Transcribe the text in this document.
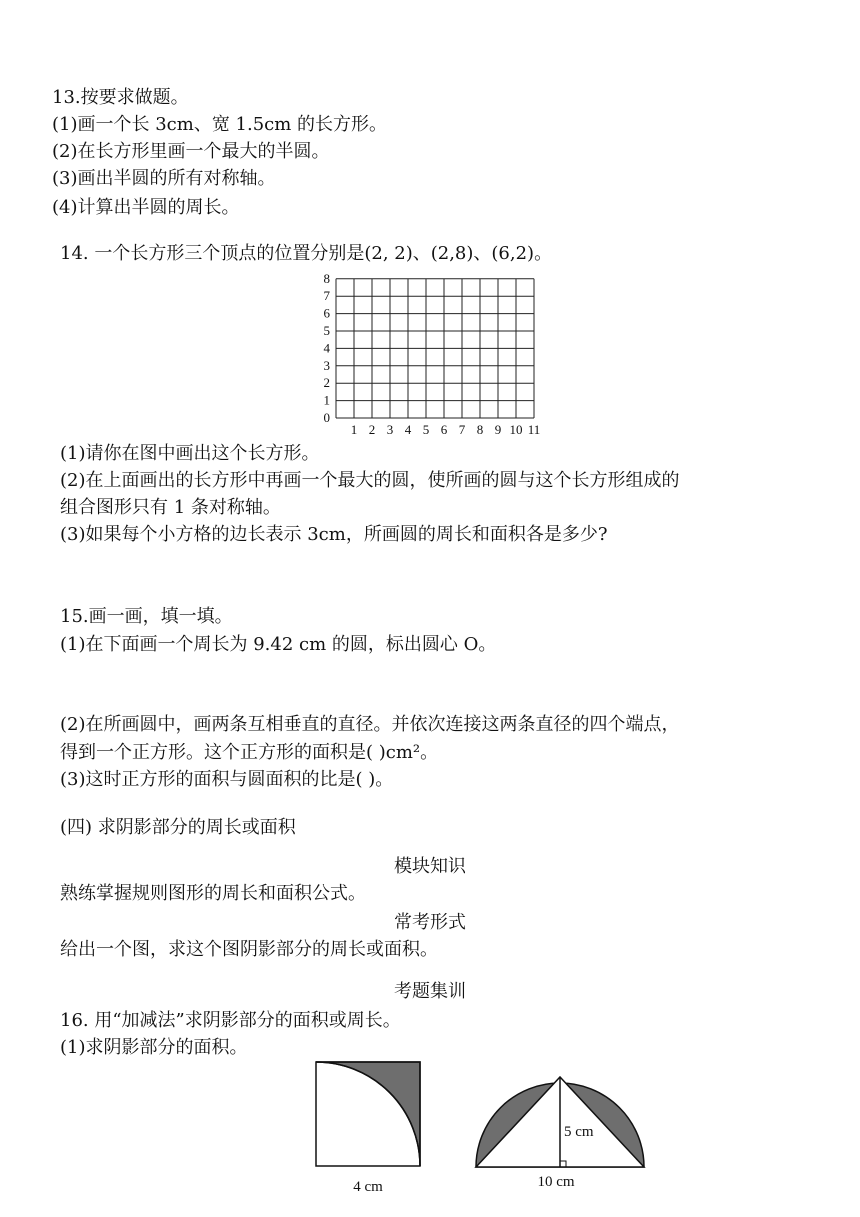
13.按要求做题。
(1)画一个长 3cm、宽 1.5cm 的长方形。
(2)在长方形里画一个最大的半圆。
(3)画出半圆的所有对称轴。
(4)计算出半圆的周长。
14. 一个长方形三个顶点的位置分别是(2, 2)、(2,8)、(6,2)。
1 2 3 4 5 6 7 8 9 10 11
0
1
2
3
4
5
6
7
8
(1)请你在图中画出这个长方形。
(2)在上面画出的长方形中再画一个最大的圆，使所画的圆与这个长方形组成的
组合图形只有 1 条对称轴。
(3)如果每个小方格的边长表示 3cm，所画圆的周长和面积各是多少?
15.画一画，填一填。
(1)在下面画一个周长为 9.42 cm 的圆，标出圆心 O。
(2)在所画圆中，画两条互相垂直的直径。并依次连接这两条直径的四个端点，
得到一个正方形。这个正方形的面积是( )cm²。
(3)这时正方形的面积与圆面积的比是( )。
(四) 求阴影部分的周长或面积
模块知识
熟练掌握规则图形的周长和面积公式。
常考形式
给出一个图，求这个图阴影部分的周长或面积。
考题集训
16. 用“加减法”求阴影部分的面积或周长。
(1)求阴影部分的面积。
4 cm
5 cm
10 cm
